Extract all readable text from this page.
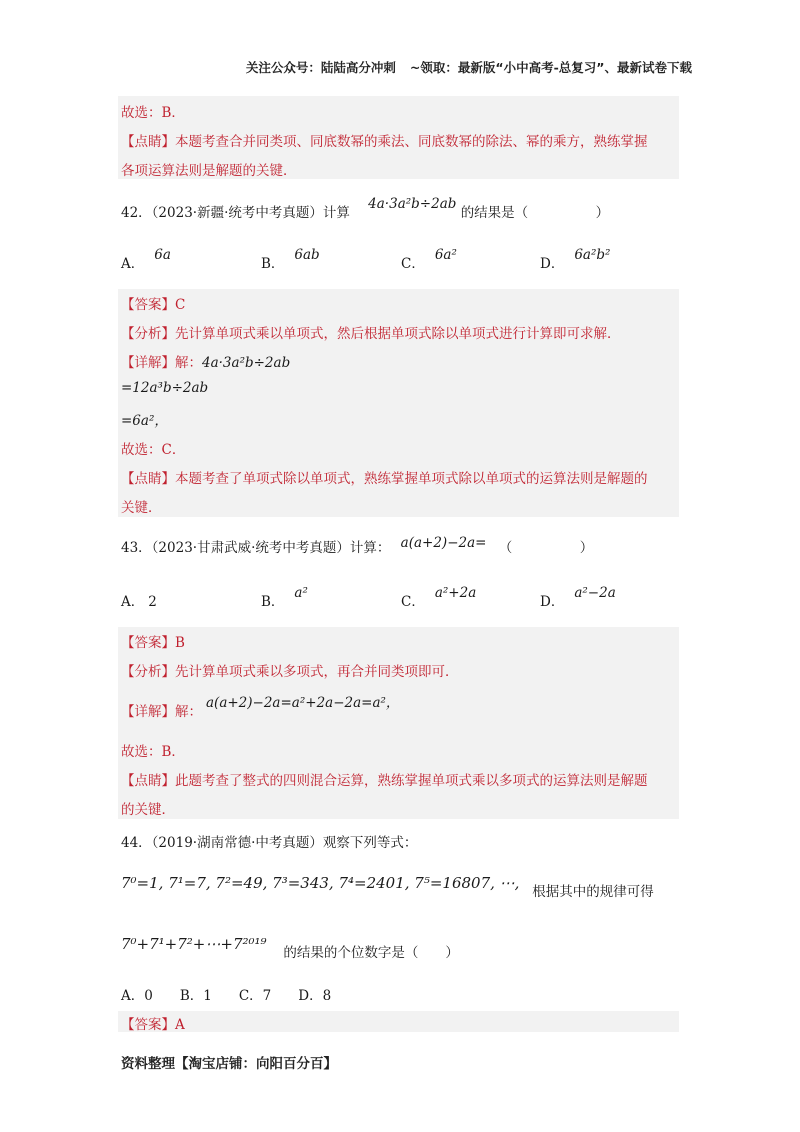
关注公众号：陆陆高分冲刺 ~领取：最新版“小中高考-总复习”、最新试卷下载
故选：B．
【点睛】本题考查合并同类项、同底数幂的乘法、同底数幂的除法、幂的乘方，熟练掌握
各项运算法则是解题的关键．
42．（2023·新疆·统考中考真题）计算 4a·3a²b÷2ab 的结果是（　　　　　）
A．6a
B．6ab
C．6a²
D．6a²b²
【答案】C
【分析】先计算单项式乘以单项式，然后根据单项式除以单项式进行计算即可求解．
【详解】解：4a·3a²b÷2ab
=12a³b÷2ab
=6a²，
故选：C．
【点睛】本题考查了单项式除以单项式，熟练掌握单项式除以单项式的运算法则是解题的
关键．
43．（2023·甘肃武威·统考中考真题）计算： a(a+2)−2a= （　　　　　）
A． 2	B．a²
C．a²+2a
D．a²−2a
【答案】B
【分析】先计算单项式乘以多项式，再合并同类项即可．
【详解】解：a(a+2)−2a=a²+2a−2a=a²，
故选：B．
【点睛】此题考查了整式的四则混合运算，熟练掌握单项式乘以多项式的运算法则是解题
的关键．
44．（2019·湖南常德·中考真题）观察下列等式：
7⁰=1, 7¹=7, 7²=49, 7³=343, 7⁴=2401, 7⁵=16807, ⋯, 根据其中的规律可得
7⁰+7¹+7²+⋯+7²⁰¹⁹ 的结果的个位数字是（　　）
A．0　　B．1　　C．7　　D．8
【答案】A
资料整理【淘宝店铺：向阳百分百】
